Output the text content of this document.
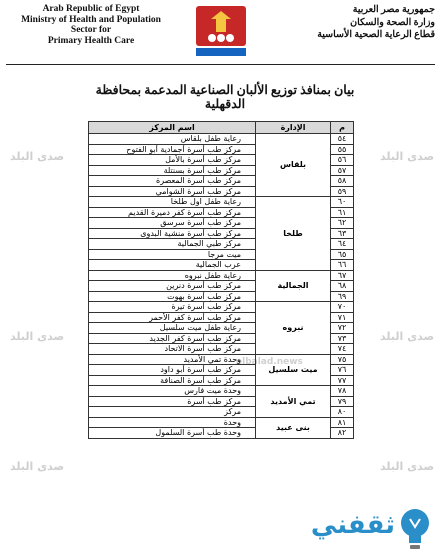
Arab Republic of Egypt
Ministry of Health and Population
Sector for
Primary Health Care
جمهورية مصر العربية
وزارة الصحة والسكان
قطاع الرعاية الصحية الأساسية
بيان بمنافذ توزيع الألبان الصناعية المدعمة بمحافظة الدقهلية
صدى البلد
صدى البلد
صدى البلد
صدى البلد
صدى البلد
صدى البلد
elbalad.news
م	الإدارة	اسم المركز
٥٤	بلقاس	رعاية طفل بلقاس
٥٥		مركز طب أسرة أجمادية أبو الفتوح
٥٦		مركز طب أسرة بالأمل
٥٧		مركز طب أسرة بسنتلة
٥٨		مركز طب أسرة المعصرة
٥٩		مركز طب أسرة الشوامي
٦٠	طلخا	رعاية طفل اول طلخا
٦١		مركز طب أسرة كفر دميرة القديم
٦٢		مركز طب أسرة سرسق
٦٣		مركز طب أسرة منشية البدوى
٦٤		مركز طبي الجمالية
٦٥		ميت مرجا
٦٦		عرب الجمالية
٦٧	الجمالية	رعاية طفل نبروه
٦٨		مركز طب أسرة دنرين
٦٩		مركز طب أسرة بهوت
٧٠	نبروه	مركز طب أسرة تيرة
٧١		مركز طب أسرة كفر الأحمر
٧٢		رعاية طفل ميت سلسيل
٧٣		مركز طب أسرة كفر الجديد
٧٤		مركز طب أسرة الاتحاد
٧٥	ميت سلسيل	وحدة تمي الأمديد
٧٦		مركز طب أسرة أبو داود
٧٧		مركز طب أسرة الصنافة
٧٨	تمي الأمديد	وحدة ميت فارس
٧٩		مركز طب أسرة
٨٠		مركز
٨١	بنى عبيد	وحدة
٨٢		وحدة طب أسرة السلمول
ثقفني
